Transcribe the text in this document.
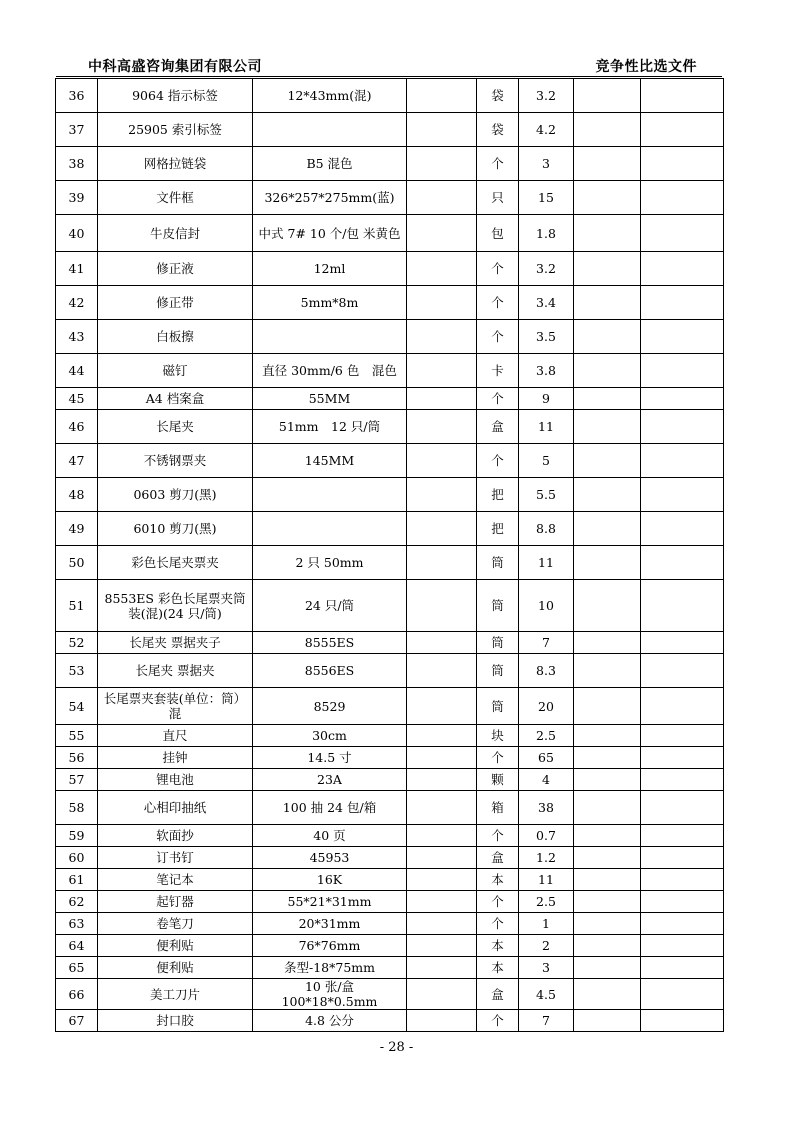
中科高盛咨询集团有限公司	竞争性比选文件
36	9064 指示标签	12*43mm(混)		袋	3.2		
37	25905 索引标签			袋	4.2		
38	网格拉链袋	B5 混色		个	3		
39	文件框	326*257*275mm(蓝)		只	15		
40	牛皮信封	中式 7# 10 个/包 米黄色		包	1.8		
41	修正液	12ml		个	3.2		
42	修正带	5mm*8m		个	3.4		
43	白板擦			个	3.5		
44	磁钉	直径 30mm/6 色　混色		卡	3.8		
45	A4 档案盒	55MM		个	9		
46	长尾夹	51mm　12 只/筒		盒	11		
47	不锈钢票夹	145MM		个	5		
48	0603 剪刀(黑)			把	5.5		
49	6010 剪刀(黑)			把	8.8		
50	彩色长尾夹票夹	2 只 50mm		筒	11		
51	8553ES 彩色长尾票夹筒装(混)(24 只/筒)	24 只/筒		筒	10		
52	长尾夹 票据夹子	8555ES		筒	7		
53	长尾夹 票据夹	8556ES		筒	8.3		
54	长尾票夹套装(单位：筒）混	8529		筒	20		
55	直尺	30cm		块	2.5		
56	挂钟	14.5 寸		个	65		
57	锂电池	23A		颗	4		
58	心相印抽纸	100 抽 24 包/箱		箱	38		
59	软面抄	40 页		个	0.7		
60	订书钉	45953		盒	1.2		
61	笔记本	16K		本	11		
62	起钉器	55*21*31mm		个	2.5		
63	卷笔刀	20*31mm		个	1		
64	便利贴	76*76mm		本	2		
65	便利贴	条型-18*75mm		本	3		
66	美工刀片	10 张/盒 100*18*0.5mm		盒	4.5		
67	封口胶	4.8 公分		个	7		
- 28 -
